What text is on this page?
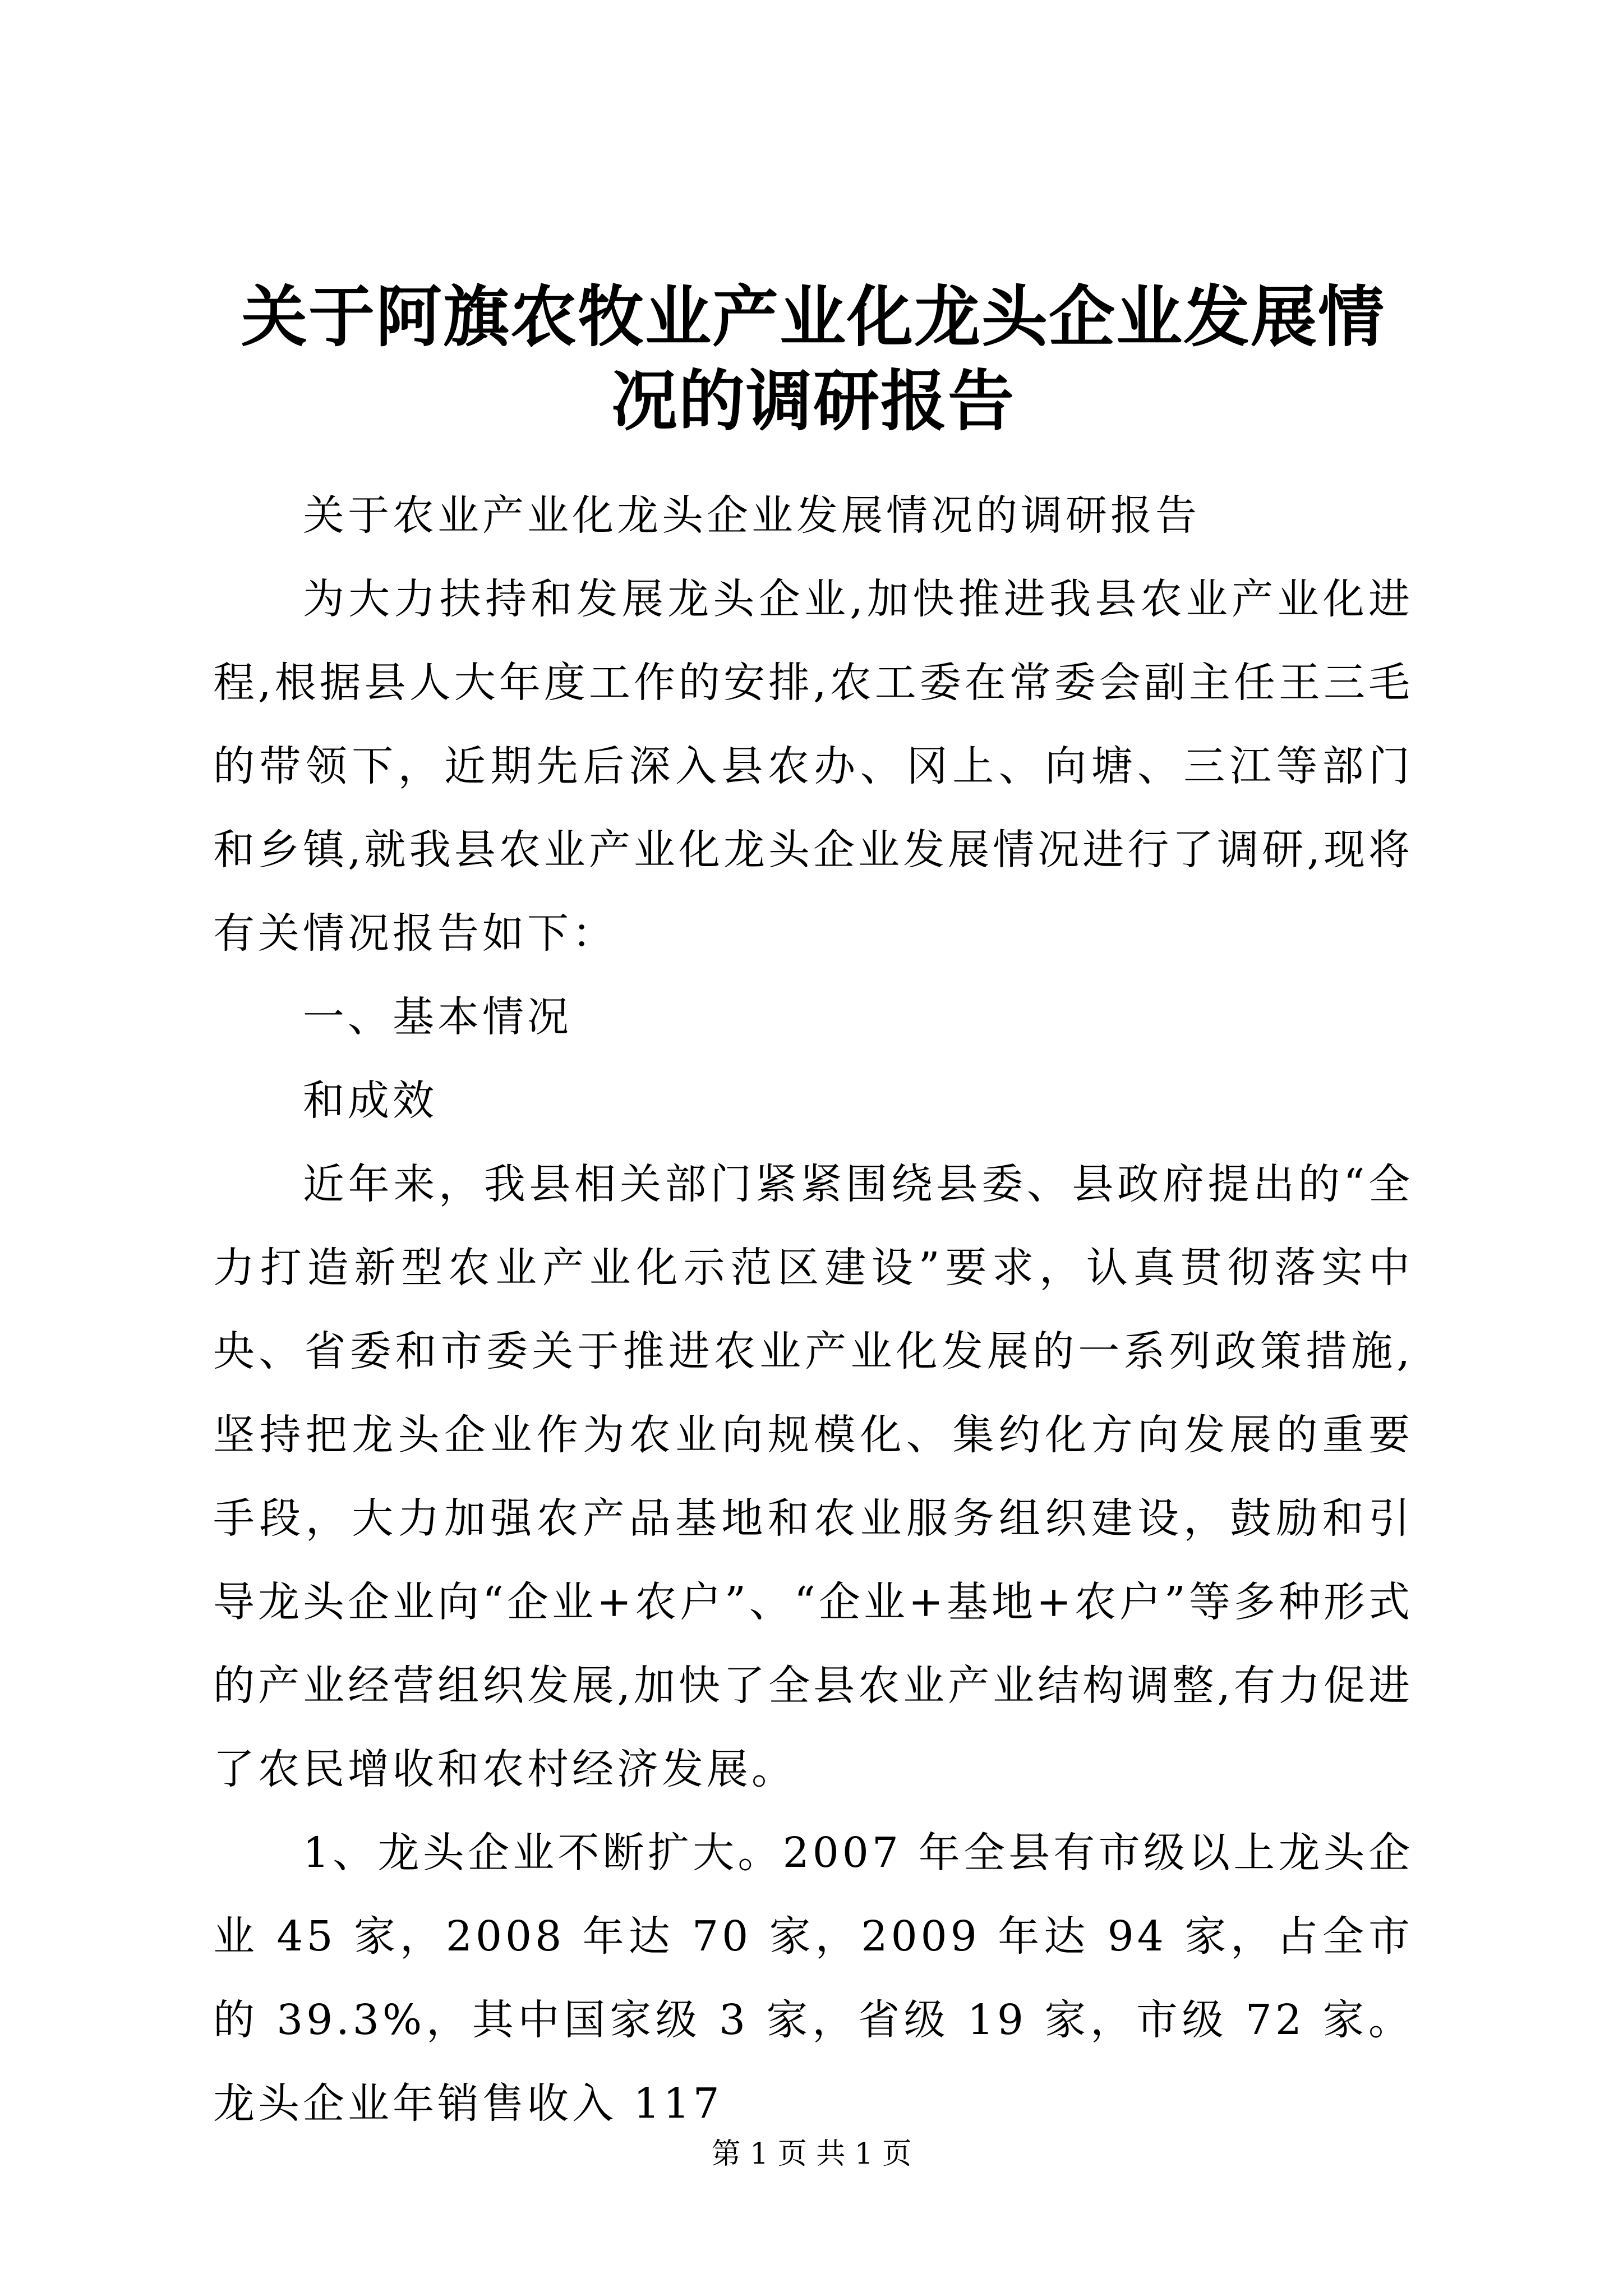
关于阿旗农牧业产业化龙头企业发展情况的调研报告

关于农业产业化龙头企业发展情况的调研报告

为大力扶持和发展龙头企业,加快推进我县农业产业化进程,根据县人大年度工作的安排,农工委在常委会副主任王三毛的带领下，近期先后深入县农办、冈上、向塘、三江等部门和乡镇,就我县农业产业化龙头企业发展情况进行了调研,现将有关情况报告如下：

一、基本情况

和成效

近年来，我县相关部门紧紧围绕县委、县政府提出的“全力打造新型农业产业化示范区建设”要求，认真贯彻落实中央、省委和市委关于推进农业产业化发展的一系列政策措施,坚持把龙头企业作为农业向规模化、集约化方向发展的重要手段，大力加强农产品基地和农业服务组织建设，鼓励和引导龙头企业向“企业+农户”、“企业+基地+农户”等多种形式的产业经营组织发展,加快了全县农业产业结构调整,有力促进了农民增收和农村经济发展。

1、龙头企业不断扩大。2007 年全县有市级以上龙头企业 45 家，2008 年达 70 家，2009 年达 94 家，占全市的 39.3%，其中国家级 3 家，省级 19 家，市级 72 家。龙头企业年销售收入 117

第 1 页 共 1 页
